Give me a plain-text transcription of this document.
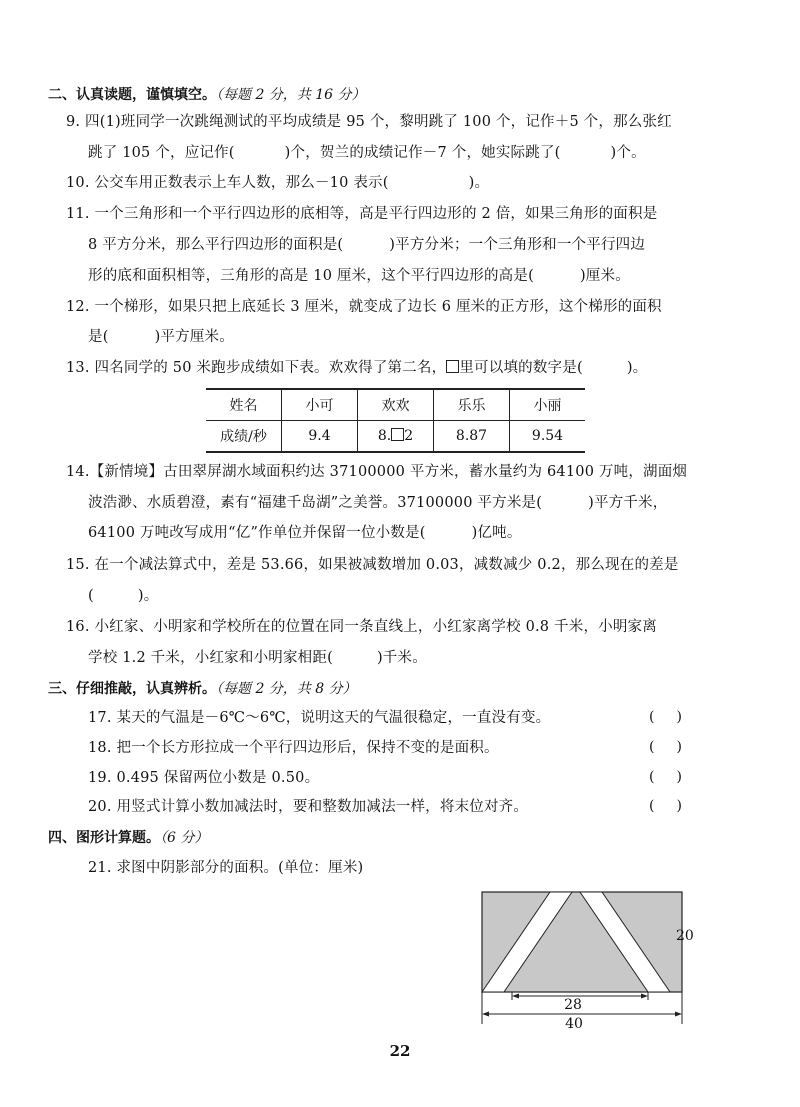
二、认真读题，谨慎填空。（每题 2 分，共 16 分）
9. 四(1)班同学一次跳绳测试的平均成绩是 95 个，黎明跳了 100 个，记作＋5 个，那么张红
跳了 105 个，应记作(	)个，贺兰的成绩记作－7 个，她实际跳了(	)个。
10. 公交车用正数表示上车人数，那么－10 表示(	)。
11. 一个三角形和一个平行四边形的底相等，高是平行四边形的 2 倍，如果三角形的面积是
8 平方分米，那么平行四边形的面积是(	)平方分米；一个三角形和一个平行四边
形的底和面积相等，三角形的高是 10 厘米，这个平行四边形的高是(	)厘米。
12. 一个梯形，如果只把上底延长 3 厘米，就变成了边长 6 厘米的正方形，这个梯形的面积
是(	)平方厘米。
13. 四名同学的 50 米跑步成绩如下表。欢欢得了第二名， 里可以填的数字是(	)。
姓名	小可	欢欢	乐乐	小丽
成绩/秒	9.4	8. 2	8.87	9.54
14.【新情境】古田翠屏湖水域面积约达 37100000 平方米，蓄水量约为 64100 万吨，湖面烟
波浩渺、水质碧澄，素有“福建千岛湖”之美誉。37100000 平方米是(	)平方千米，
64100 万吨改写成用“亿”作单位并保留一位小数是(	)亿吨。
15. 在一个减法算式中，差是 53.66，如果被减数增加 0.03，减数减少 0.2，那么现在的差是
(	)。
16. 小红家、小明家和学校所在的位置在同一条直线上，小红家离学校 0.8 千米，小明家离
学校 1.2 千米，小红家和小明家相距(	)千米。
三、仔细推敲，认真辨析。（每题 2 分，共 8 分）
17. 某天的气温是－6℃～6℃，说明这天的气温很稳定，一直没有变。	()
18. 把一个长方形拉成一个平行四边形后，保持不变的是面积。	()
19. 0.495 保留两位小数是 0.50。	()
20. 用竖式计算小数加减法时，要和整数加减法一样，将末位对齐。	()
四、图形计算题。（6 分）
21. 求图中阴影部分的面积。(单位：厘米)
20
28
40
22
